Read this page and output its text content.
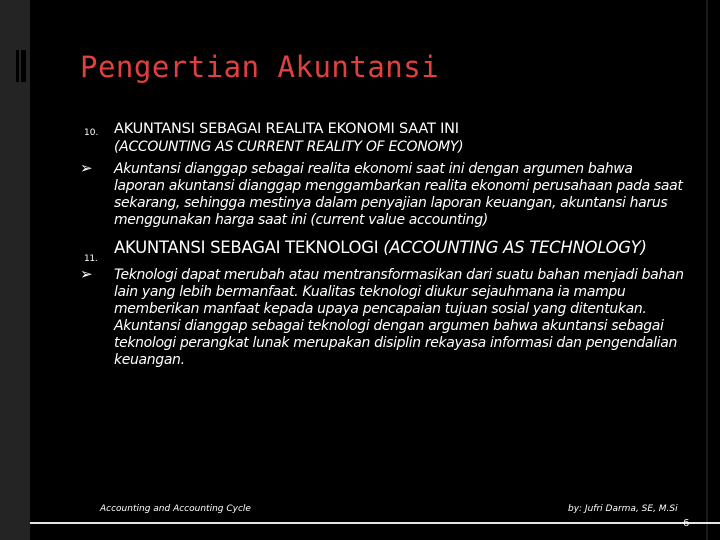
Pengertian Akuntansi
10. AKUNTANSI SEBAGAI REALITA EKONOMI SAAT INI
(ACCOUNTING AS CURRENT REALITY OF ECONOMY)

➢ Akuntansi dianggap sebagai realita ekonomi saat ini dengan argumen bahwa laporan akuntansi dianggap menggambarkan realita ekonomi perusahaan pada saat sekarang, sehingga mestinya dalam penyajian laporan keuangan, akuntansi harus menggunakan harga saat ini (current value accounting)

11.
AKUNTANSI SEBAGAI TEKNOLOGI (ACCOUNTING AS TECHNOLOGY)

➢ Teknologi dapat merubah atau mentransformasikan dari suatu bahan menjadi bahan lain yang lebih bermanfaat. Kualitas teknologi diukur sejauhmana ia mampu memberikan manfaat kepada upaya pencapaian tujuan sosial yang ditentukan. Akuntansi dianggap sebagai teknologi dengan argumen bahwa akuntansi sebagai teknologi perangkat lunak merupakan disiplin rekayasa informasi dan pengendalian keuangan.

Accounting and Accounting Cycle	by: Jufri Darma, SE, M.Si
6
